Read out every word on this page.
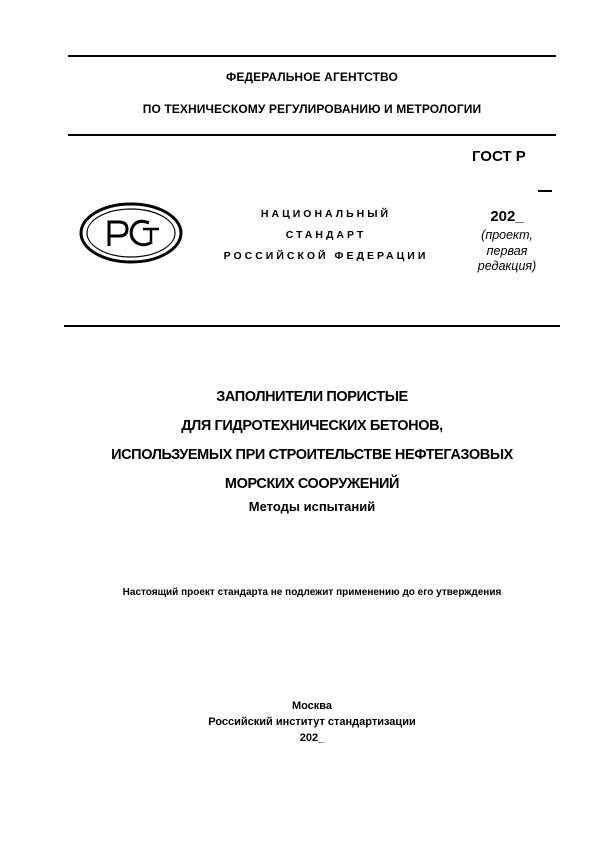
ФЕДЕРАЛЬНОЕ АГЕНТСТВО
ПО ТЕХНИЧЕСКОМУ РЕГУЛИРОВАНИЮ И МЕТРОЛОГИИ
ГОСТ Р
НАЦИОНАЛЬНЫЙ
СТАНДАРТ
РОССИЙСКОЙ ФЕДЕРАЦИИ
202_
(проект,
первая
редакция)
ЗАПОЛНИТЕЛИ ПОРИСТЫЕ
ДЛЯ ГИДРОТЕХНИЧЕСКИХ БЕТОНОВ,
ИСПОЛЬЗУЕМЫХ ПРИ СТРОИТЕЛЬСТВЕ НЕФТЕГАЗОВЫХ
МОРСКИХ СООРУЖЕНИЙ
Методы испытаний
Настоящий проект стандарта не подлежит применению до его утверждения
Москва
Российский институт стандартизации
202_
